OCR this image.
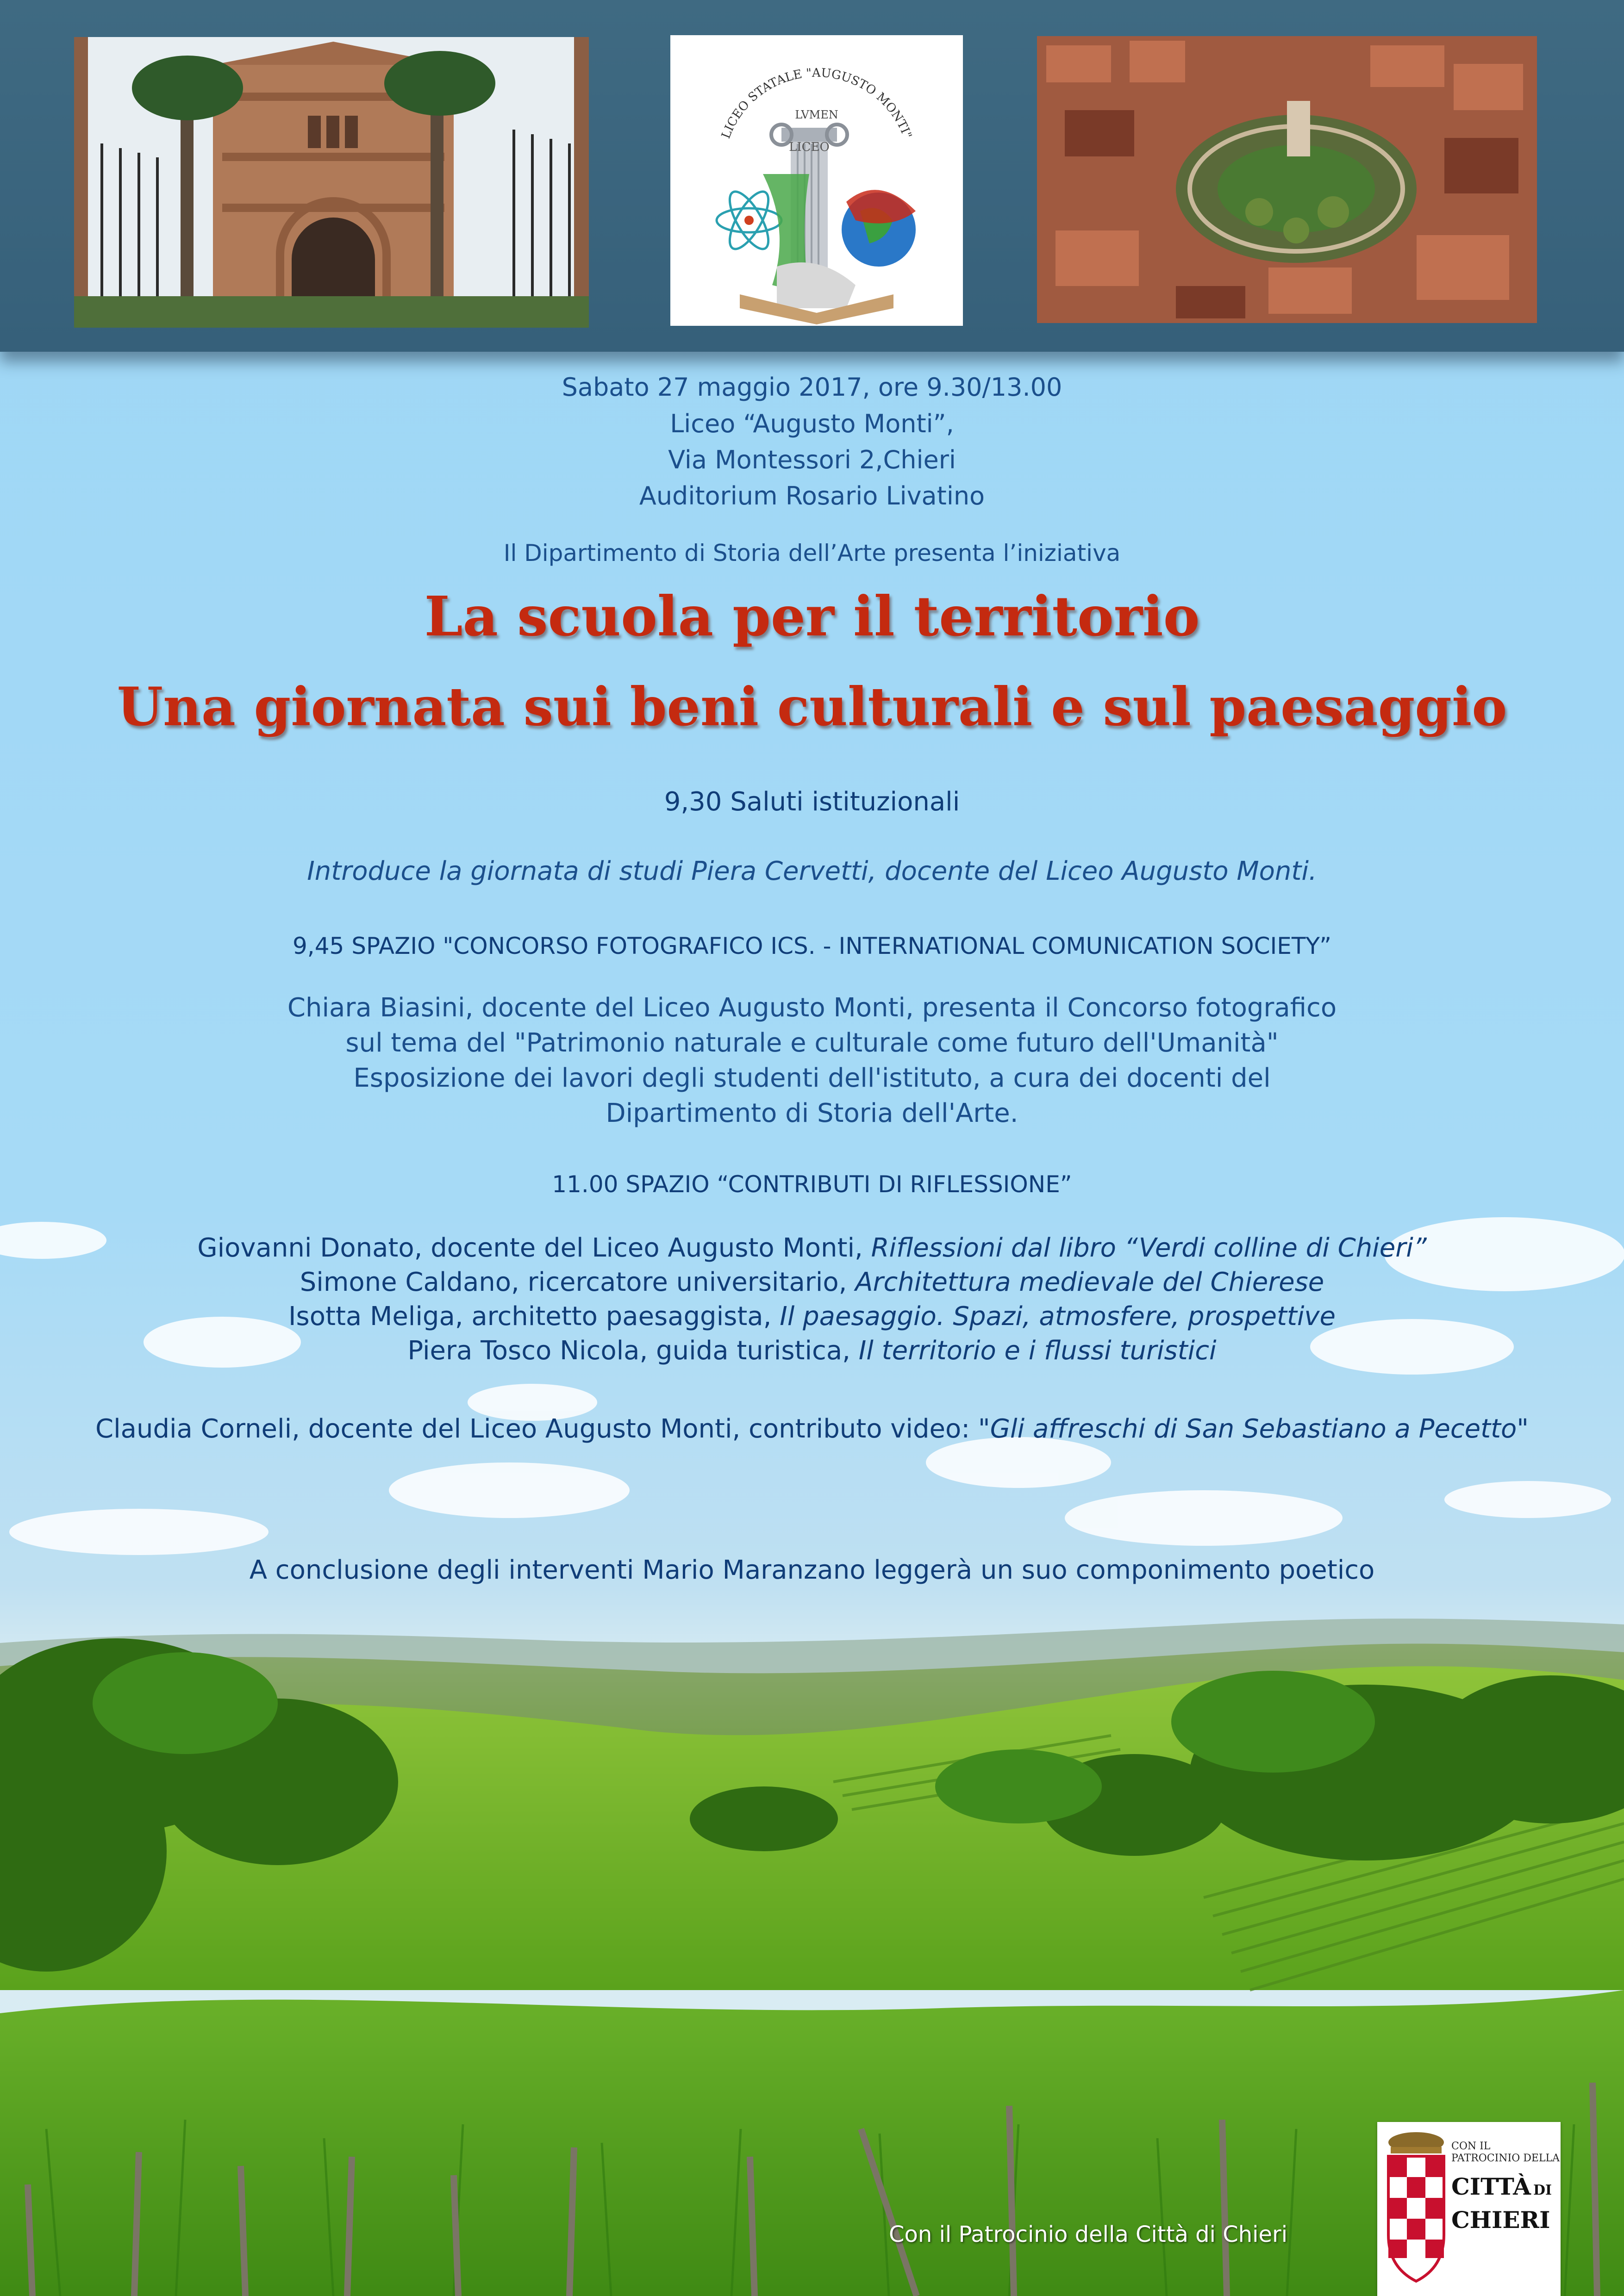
LICEO STATALE "AUGUSTO MONTI"
LICEO
LVMEN
Sabato 27 maggio 2017, ore 9.30/13.00
Liceo “Augusto Monti”,
Via Montessori 2,Chieri
Auditorium Rosario Livatino
Il Dipartimento di Storia dell’Arte presenta l’iniziativa
La scuola per il territorio
Una giornata sui beni culturali e sul paesaggio
9,30 Saluti istituzionali
Introduce la giornata di studi Piera Cervetti, docente del Liceo Augusto Monti.
9,45 SPAZIO "CONCORSO FOTOGRAFICO ICS. - INTERNATIONAL COMUNICATION SOCIETY”
Chiara Biasini, docente del Liceo Augusto Monti, presenta il Concorso fotografico
sul tema del "Patrimonio naturale e culturale come futuro dell'Umanità"
Esposizione dei lavori degli studenti dell'istituto, a cura dei docenti del
Dipartimento di Storia dell'Arte.
11.00 SPAZIO “CONTRIBUTI DI RIFLESSIONE”
Giovanni Donato, docente del Liceo Augusto Monti, Riflessioni dal libro “Verdi colline di Chieri”
Simone Caldano, ricercatore universitario, Architettura medievale del Chierese
Isotta Meliga, architetto paesaggista, Il paesaggio. Spazi, atmosfere, prospettive
Piera Tosco Nicola, guida turistica, Il territorio e i flussi turistici
Claudia Corneli, docente del Liceo Augusto Monti, contributo video: "Gli affreschi di San Sebastiano a Pecetto"
A conclusione degli interventi Mario Maranzano leggerà un suo componimento poetico
Con il Patrocinio della Città di Chieri
CON IL
PATROCINIO DELLA
CITTÀ DI
CHIERI
